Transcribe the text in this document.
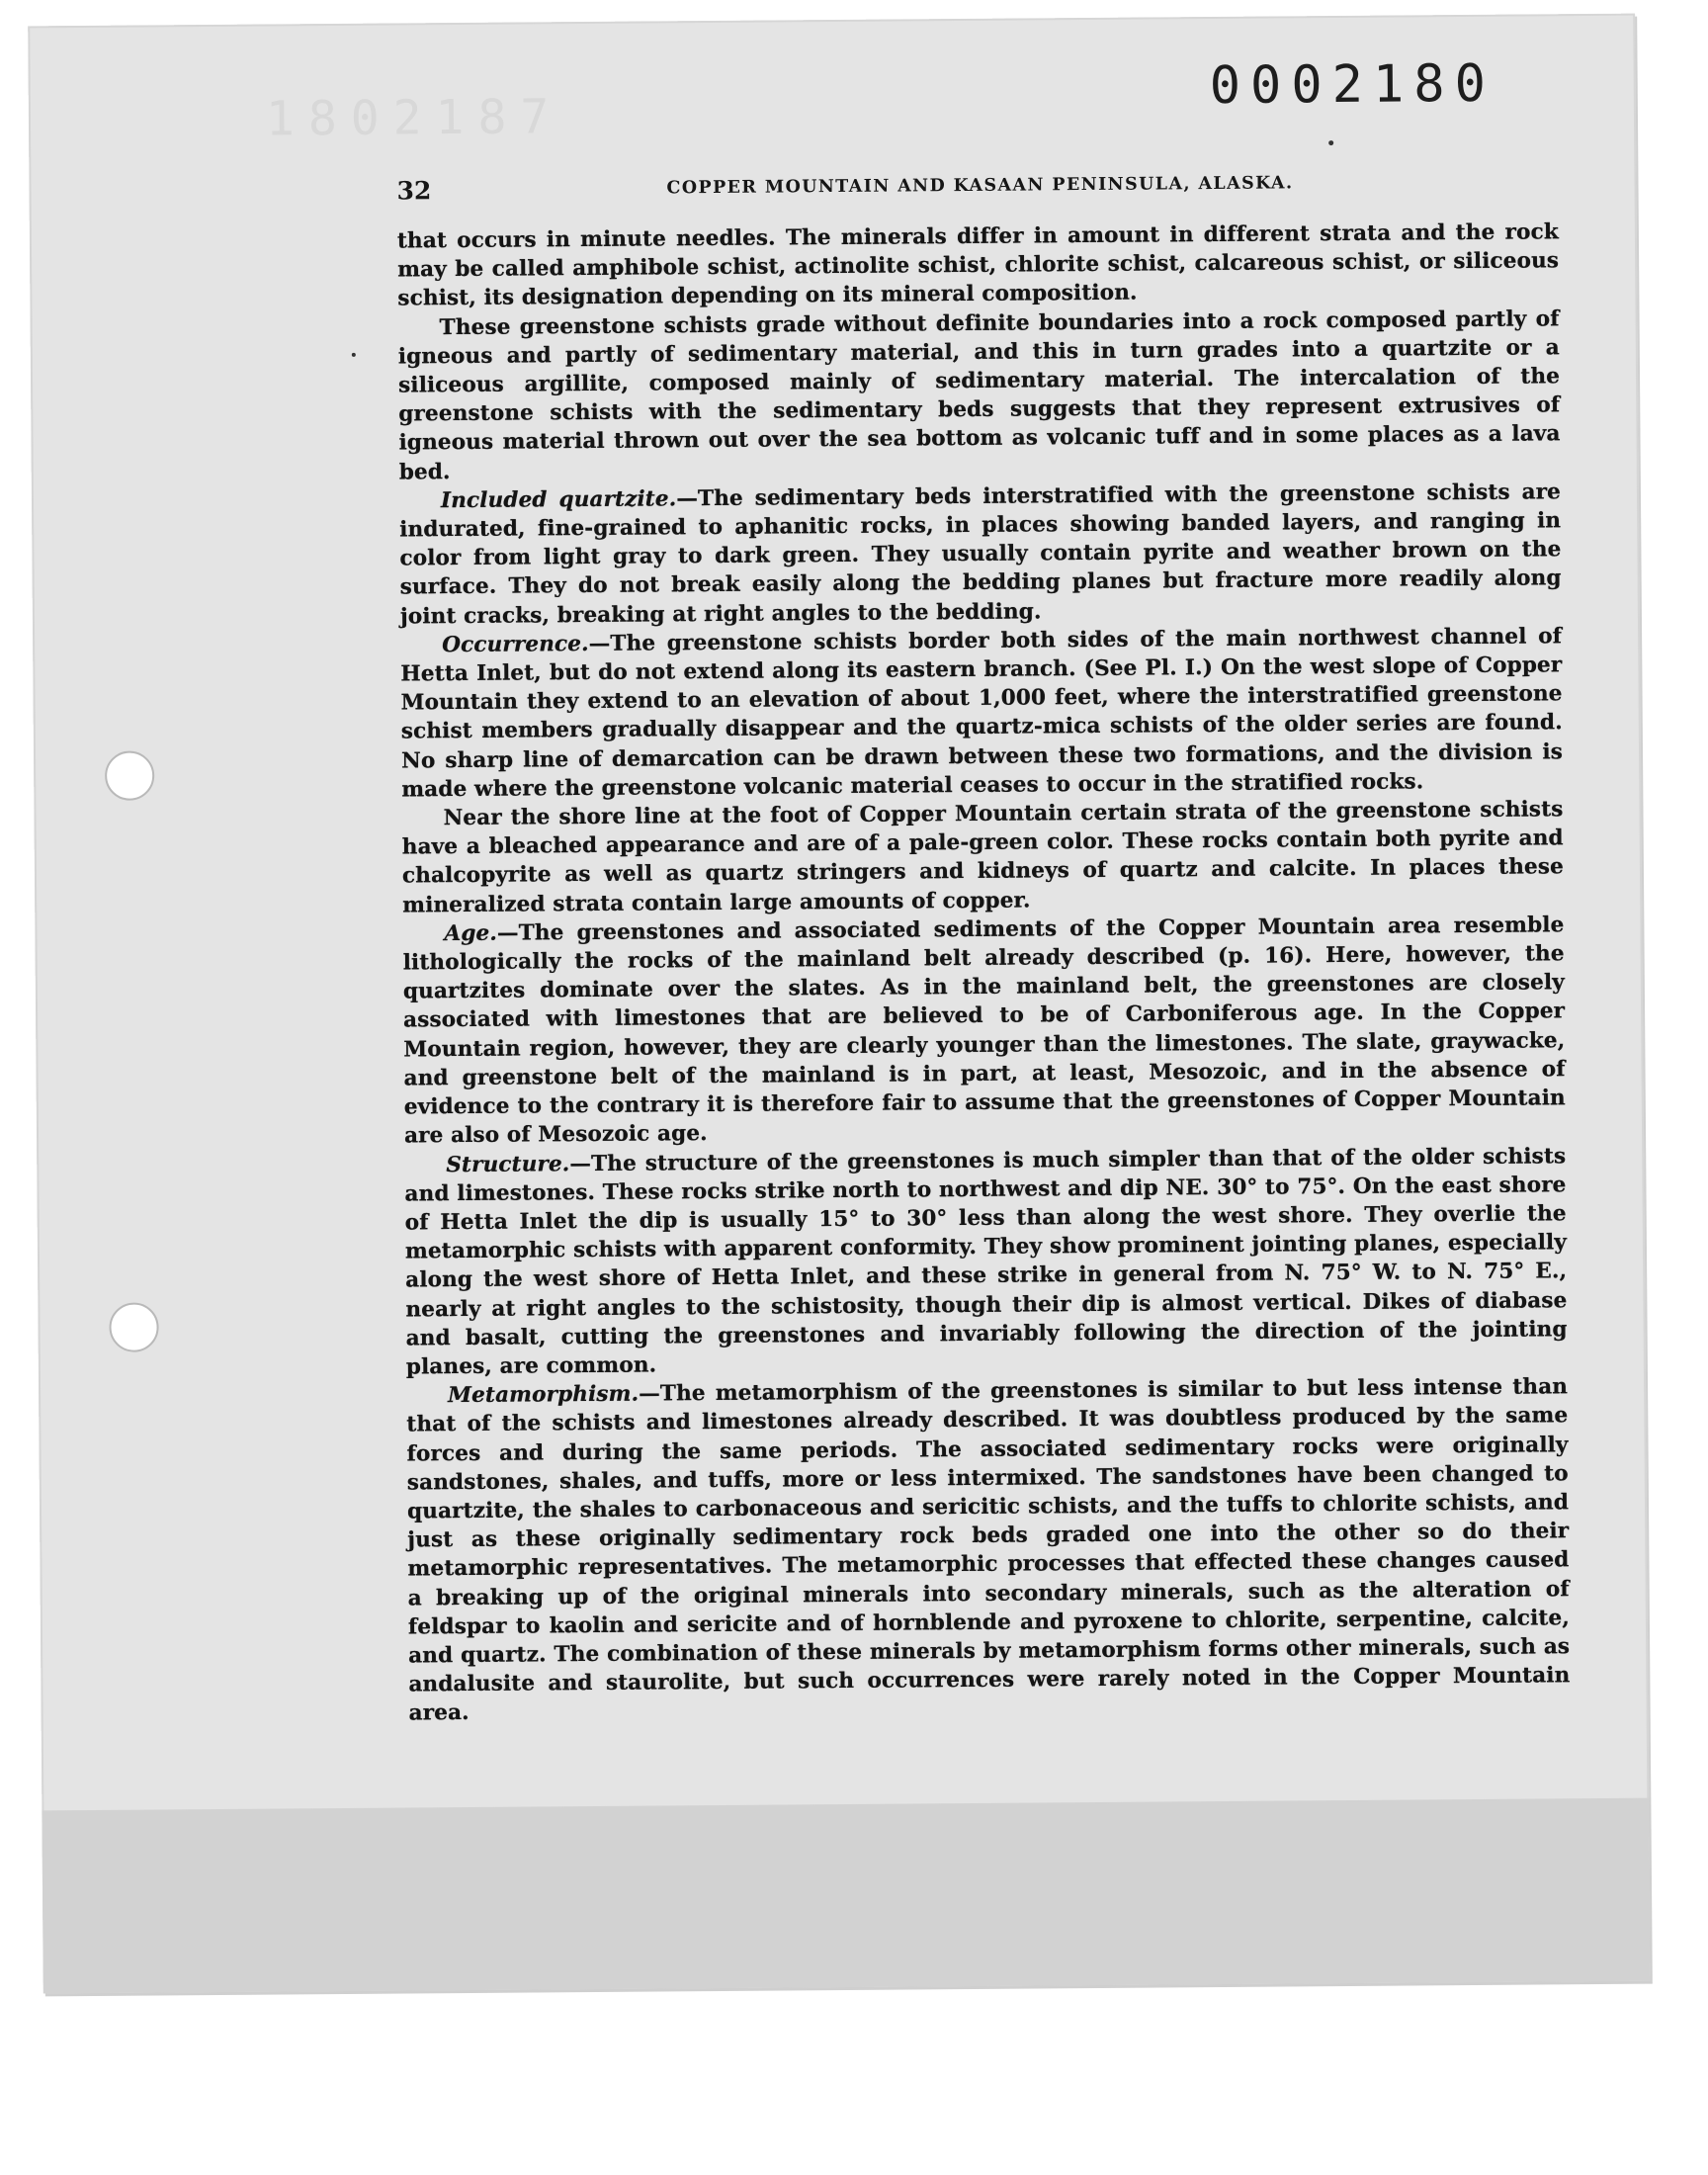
1802187
0002180
32	COPPER MOUNTAIN AND KASAAN PENINSULA, ALASKA.

that occurs in minute needles. The minerals differ in amount in different strata and the rock may be called amphibole schist, actinolite schist, chlorite schist, calcareous schist, or siliceous schist, its designation depending on its mineral composition.

These greenstone schists grade without definite boundaries into a rock composed partly of igneous and partly of sedimentary material, and this in turn grades into a quartzite or a siliceous argillite, composed mainly of sedimentary material. The intercalation of the greenstone schists with the sedimentary beds suggests that they represent extrusives of igneous material thrown out over the sea bottom as volcanic tuff and in some places as a lava bed.

Included quartzite.—The sedimentary beds interstratified with the greenstone schists are indurated, fine-grained to aphanitic rocks, in places showing banded layers, and ranging in color from light gray to dark green. They usually contain pyrite and weather brown on the surface. They do not break easily along the bedding planes but fracture more readily along joint cracks, breaking at right angles to the bedding.

Occurrence.—The greenstone schists border both sides of the main northwest channel of Hetta Inlet, but do not extend along its eastern branch. (See Pl. I.) On the west slope of Copper Mountain they extend to an elevation of about 1,000 feet, where the interstratified greenstone schist members gradually disappear and the quartz-mica schists of the older series are found. No sharp line of demarcation can be drawn between these two formations, and the division is made where the greenstone volcanic material ceases to occur in the stratified rocks.

Near the shore line at the foot of Copper Mountain certain strata of the greenstone schists have a bleached appearance and are of a pale-green color. These rocks contain both pyrite and chalcopyrite as well as quartz stringers and kidneys of quartz and calcite. In places these mineralized strata contain large amounts of copper.

Age.—The greenstones and associated sediments of the Copper Mountain area resemble lithologically the rocks of the mainland belt already described (p. 16). Here, however, the quartzites dominate over the slates. As in the mainland belt, the greenstones are closely associated with limestones that are believed to be of Carboniferous age. In the Copper Mountain region, however, they are clearly younger than the limestones. The slate, graywacke, and greenstone belt of the mainland is in part, at least, Mesozoic, and in the absence of evidence to the contrary it is therefore fair to assume that the greenstones of Copper Mountain are also of Mesozoic age.

Structure.—The structure of the greenstones is much simpler than that of the older schists and limestones. These rocks strike north to northwest and dip NE. 30° to 75°. On the east shore of Hetta Inlet the dip is usually 15° to 30° less than along the west shore. They overlie the metamorphic schists with apparent conformity. They show prominent jointing planes, especially along the west shore of Hetta Inlet, and these strike in general from N. 75° W. to N. 75° E., nearly at right angles to the schistosity, though their dip is almost vertical. Dikes of diabase and basalt, cutting the greenstones and invariably following the direction of the jointing planes, are common.

Metamorphism.—The metamorphism of the greenstones is similar to but less intense than that of the schists and limestones already described. It was doubtless produced by the same forces and during the same periods. The associated sedimentary rocks were originally sandstones, shales, and tuffs, more or less intermixed. The sandstones have been changed to quartzite, the shales to carbonaceous and sericitic schists, and the tuffs to chlorite schists, and just as these originally sedimentary rock beds graded one into the other so do their metamorphic representatives. The metamorphic processes that effected these changes caused a breaking up of the original minerals into secondary minerals, such as the alteration of feldspar to kaolin and sericite and of hornblende and pyroxene to chlorite, serpentine, calcite, and quartz. The combination of these minerals by metamorphism forms other minerals, such as andalusite and staurolite, but such occurrences were rarely noted in the Copper Mountain area.
